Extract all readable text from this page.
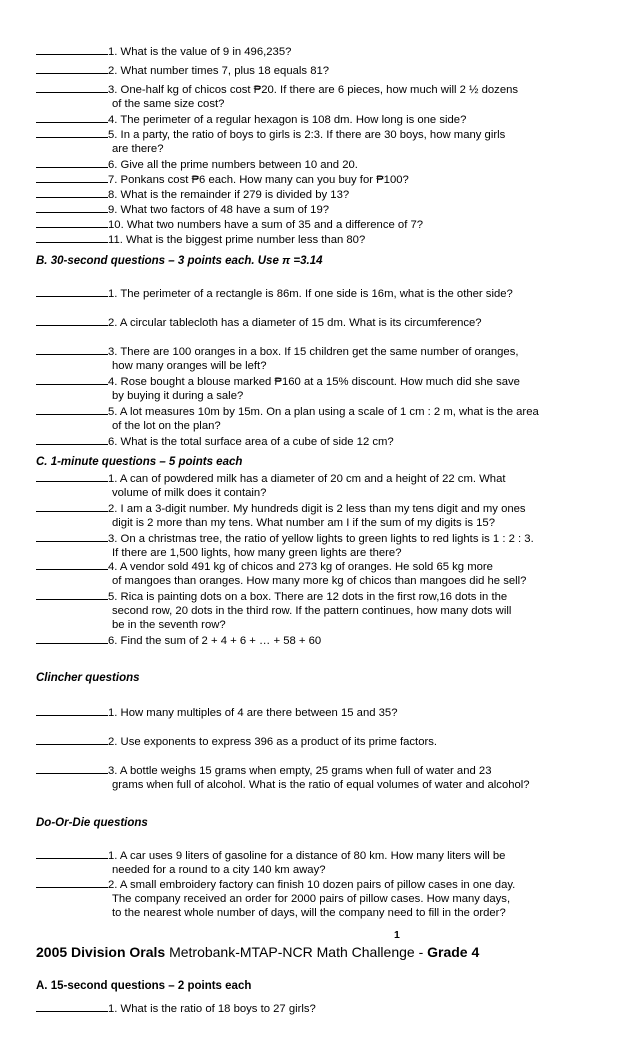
1. What is the value of 9 in 496,235?
2. What number times 7, plus 18 equals 81?
3. One-half kg of chicos cost ₱20. If there are 6 pieces, how much will 2 ½ dozens
of the same size cost?
4. The perimeter of a regular hexagon is 108 dm. How long is one side?
5. In a party, the ratio of boys to girls is 2:3. If there are 30 boys, how many girls
are there?
6. Give all the prime numbers between 10 and 20.
7. Ponkans cost ₱6 each. How many can you buy for ₱100?
8. What is the remainder if 279 is divided by 13?
9. What two factors of 48 have a sum of 19?
10. What two numbers have a sum of 35 and a difference of 7?
11. What is the biggest prime number less than 80?
B. 30-second questions – 3 points each. Use π =3.14
1. The perimeter of a rectangle is 86m. If one side is 16m, what is the other side?
2. A circular tablecloth has a diameter of 15 dm. What is its circumference?
3. There are 100 oranges in a box. If 15 children get the same number of oranges,
how many oranges will be left?
4. Rose bought a blouse marked ₱160 at a 15% discount. How much did she save
by buying it during a sale?
5. A lot measures 10m by 15m. On a plan using a scale of 1 cm : 2 m, what is the area
of the lot on the plan?
6. What is the total surface area of a cube of side 12 cm?
C. 1-minute questions – 5 points each
1. A can of powdered milk has a diameter of 20 cm and a height of 22 cm. What
volume of milk does it contain?
2. I am a 3-digit number. My hundreds digit is 2 less than my tens digit and my ones
digit is 2 more than my tens. What number am I if the sum of my digits is 15?
3. On a christmas tree, the ratio of yellow lights to green lights to red lights is 1 : 2 : 3.
If there are 1,500 lights, how many green lights are there?
4. A vendor sold 491 kg of chicos and 273 kg of oranges. He sold 65 kg more
of mangoes than oranges. How many more kg of chicos than mangoes did he sell?
5. Rica is painting dots on a box. There are 12 dots in the first row,16 dots in the
second row, 20 dots in the third row. If the pattern continues, how many dots will
be in the seventh row?
6. Find the sum of 2 + 4 + 6 + … + 58 + 60
Clincher questions
1. How many multiples of 4 are there between 15 and 35?
2. Use exponents to express 396 as a product of its prime factors.
3. A bottle weighs 15 grams when empty, 25 grams when full of water and 23
grams when full of alcohol. What is the ratio of equal volumes of water and alcohol?
Do-Or-Die questions
1. A car uses 9 liters of gasoline for a distance of 80 km. How many liters will be
needed for a round to a city 140 km away?
2. A small embroidery factory can finish 10 dozen pairs of pillow cases in one day.
The company received an order for 2000 pairs of pillow cases. How many days,
to the nearest whole number of days, will the company need to fill in the order?
1
2005 Division Orals Metrobank-MTAP-NCR Math Challenge - Grade 4
A. 15-second questions – 2 points each
1. What is the ratio of 18 boys to 27 girls?
